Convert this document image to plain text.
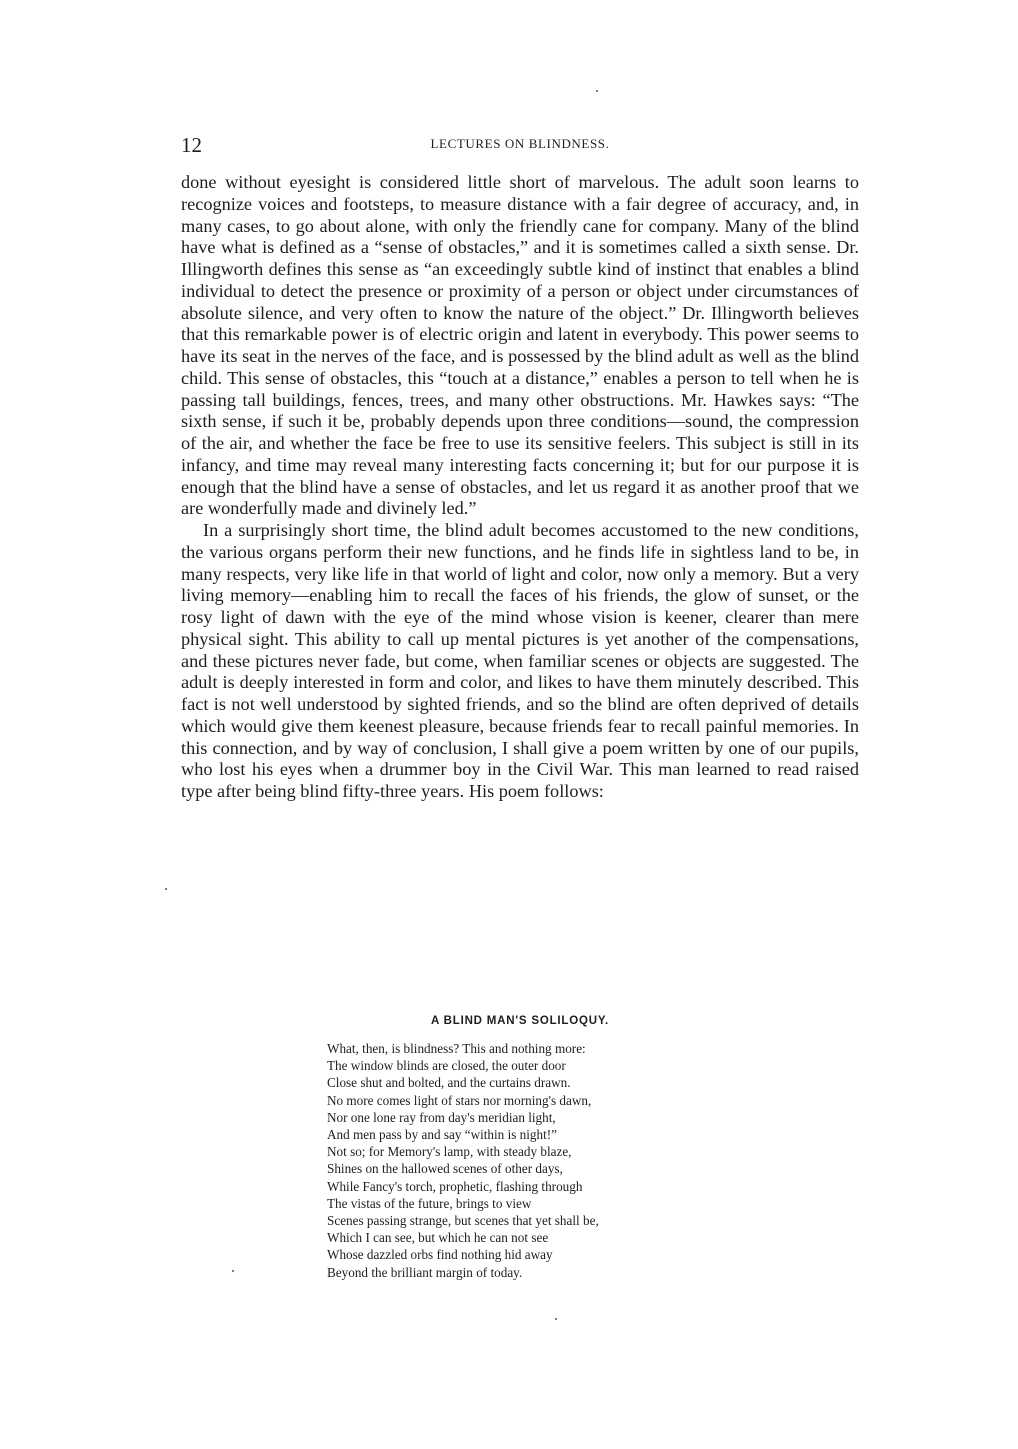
12	LECTURES ON BLINDNESS.

done without eyesight is considered little short of marvelous. The adult soon learns to recognize voices and footsteps, to measure distance with a fair degree of accuracy, and, in many cases, to go about alone, with only the friendly cane for company. Many of the blind have what is defined as a “sense of obstacles,” and it is sometimes called a sixth sense. Dr. Illingworth defines this sense as “an exceedingly subtle kind of instinct that enables a blind individual to detect the presence or proximity of a person or object under circumstances of absolute silence, and very often to know the nature of the object.” Dr. Illingworth believes that this remarkable power is of electric origin and latent in everybody. This power seems to have its seat in the nerves of the face, and is possessed by the blind adult as well as the blind child. This sense of obstacles, this “touch at a distance,” enables a person to tell when he is passing tall buildings, fences, trees, and many other obstructions. Mr. Hawkes says: “The sixth sense, if such it be, probably depends upon three conditions—sound, the compression of the air, and whether the face be free to use its sensitive feelers. This subject is still in its infancy, and time may reveal many interesting facts concerning it; but for our purpose it is enough that the blind have a sense of obstacles, and let us regard it as another proof that we are wonderfully made and divinely led.”

In a surprisingly short time, the blind adult becomes accustomed to the new conditions, the various organs perform their new functions, and he finds life in sightless land to be, in many respects, very like life in that world of light and color, now only a memory. But a very living memory—enabling him to recall the faces of his friends, the glow of sunset, or the rosy light of dawn with the eye of the mind whose vision is keener, clearer than mere physical sight. This ability to call up mental pictures is yet another of the compensations, and these pictures never fade, but come, when familiar scenes or objects are suggested. The adult is deeply interested in form and color, and likes to have them minutely described. This fact is not well understood by sighted friends, and so the blind are often deprived of details which would give them keenest pleasure, because friends fear to recall painful memories. In this connection, and by way of conclusion, I shall give a poem written by one of our pupils, who lost his eyes when a drummer boy in the Civil War. This man learned to read raised type after being blind fifty-three years. His poem follows:

A BLIND MAN'S SOLILOQUY.
What, then, is blindness? This and nothing more:
The window blinds are closed, the outer door
Close shut and bolted, and the curtains drawn.
No more comes light of stars nor morning's dawn,
Nor one lone ray from day's meridian light,
And men pass by and say “within is night!”
Not so; for Memory's lamp, with steady blaze,
Shines on the hallowed scenes of other days,
While Fancy's torch, prophetic, flashing through
The vistas of the future, brings to view
Scenes passing strange, but scenes that yet shall be,
Which I can see, but which he can not see
Whose dazzled orbs find nothing hid away
Beyond the brilliant margin of today.
